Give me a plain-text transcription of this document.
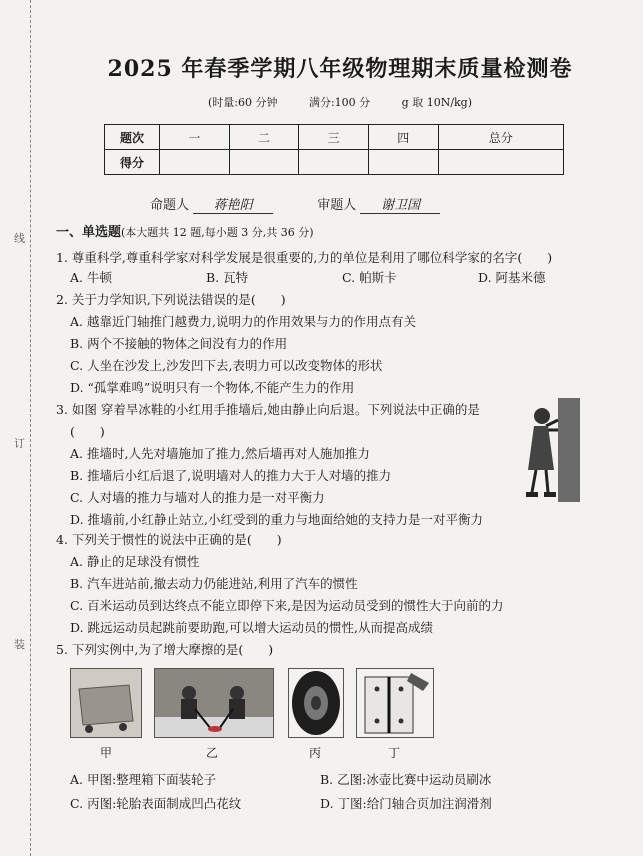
线
订
装
2025 年春季学期八年级物理期末质量检测卷
(时量:60 分钟	满分:100 分	g 取 10N/kg)
题次	一	二	三	四	总分
得分					
命题人 蒋艳阳	审题人 谢卫国
一、单选题(本大题共 12 题,每小题 3 分,共 36 分)
1. 尊重科学,尊重科学家对科学发展是很重要的,力的单位是利用了哪位科学家的名字(　　)
A. 牛顿	B. 瓦特	C. 帕斯卡	D. 阿基米德
2. 关于力学知识,下列说法错误的是(　　)
A. 越靠近门轴推门越费力,说明力的作用效果与力的作用点有关
B. 两个不接触的物体之间没有力的作用
C. 人坐在沙发上,沙发凹下去,表明力可以改变物体的形状
D. “孤掌难鸣”说明只有一个物体,不能产生力的作用
3. 如图 穿着旱冰鞋的小红用手推墙后,她由静止向后退。下列说法中正确的是
(　　)
A. 推墙时,人先对墙施加了推力,然后墙再对人施加推力
B. 推墙后小红后退了,说明墙对人的推力大于人对墙的推力
C. 人对墙的推力与墙对人的推力是一对平衡力
D. 推墙前,小红静止站立,小红受到的重力与地面给她的支持力是一对平衡力
4. 下列关于惯性的说法中正确的是(　　)
A. 静止的足球没有惯性
B. 汽车进站前,撤去动力仍能进站,利用了汽车的惯性
C. 百米运动员到达终点不能立即停下来,是因为运动员受到的惯性大于向前的力
D. 跳远运动员起跳前要助跑,可以增大运动员的惯性,从而提高成绩
5. 下列实例中,为了增大摩擦的是(　　)
甲	乙	丙	丁
A. 甲图:整理箱下面装轮子	B. 乙图:冰壶比赛中运动员刷冰
C. 丙图:轮胎表面制成凹凸花纹	D. 丁图:给门轴合页加注润滑剂
